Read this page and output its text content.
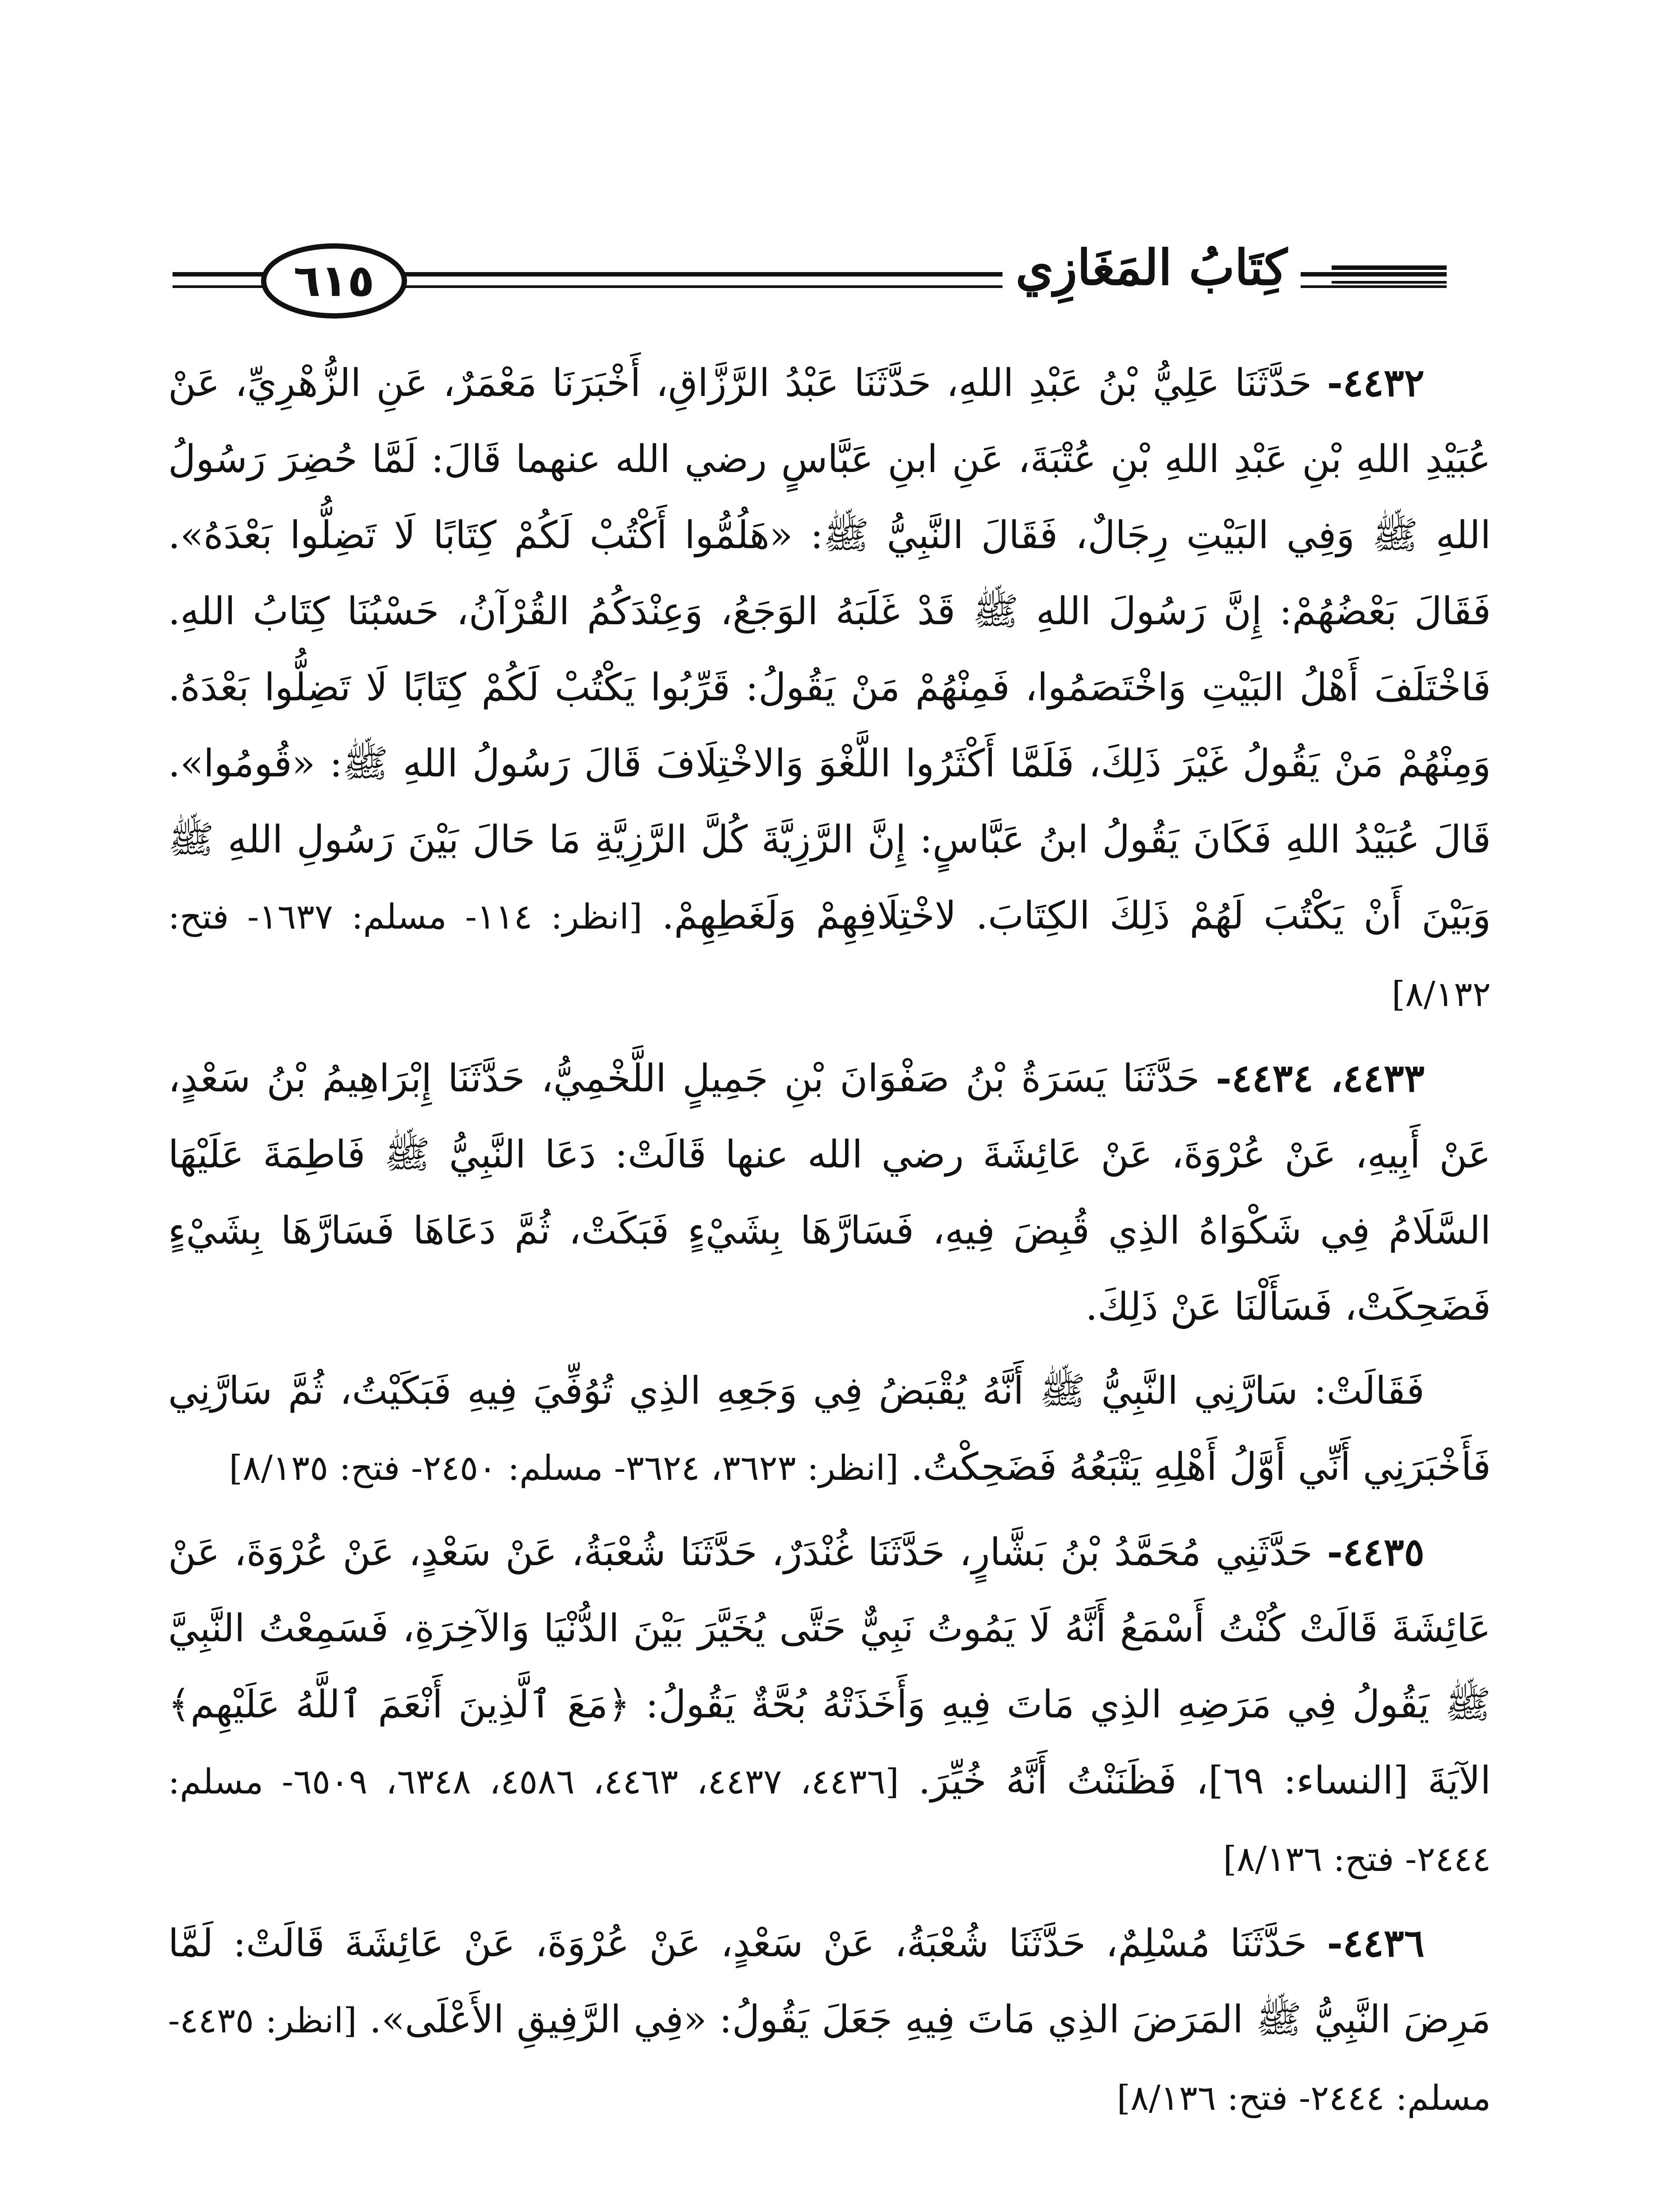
كِتَابُ المَغَازِي
٦١٥

٤٤٣٢- حَدَّثَنَا عَلِيُّ بْنُ عَبْدِ اللهِ، حَدَّثَنَا عَبْدُ الرَّزَّاقِ، أَخْبَرَنَا مَعْمَرٌ، عَنِ الزُّهْرِيِّ، عَنْ عُبَيْدِ اللهِ بْنِ عَبْدِ اللهِ بْنِ عُتْبَةَ، عَنِ ابنِ عَبَّاسٍ رضي الله عنهما قَالَ: لَمَّا حُضِرَ رَسُولُ اللهِ ﷺ وَفِي البَيْتِ رِجَالٌ، فَقَالَ النَّبِيُّ ﷺ: «هَلُمُّوا أَكْتُبْ لَكُمْ كِتَابًا لَا تَضِلُّوا بَعْدَهُ». فَقَالَ بَعْضُهُمْ: إِنَّ رَسُولَ اللهِ ﷺ قَدْ غَلَبَهُ الوَجَعُ، وَعِنْدَكُمُ القُرْآنُ، حَسْبُنَا كِتَابُ اللهِ. فَاخْتَلَفَ أَهْلُ البَيْتِ وَاخْتَصَمُوا، فَمِنْهُمْ مَنْ يَقُولُ: قَرِّبُوا يَكْتُبْ لَكُمْ كِتَابًا لَا تَضِلُّوا بَعْدَهُ. وَمِنْهُمْ مَنْ يَقُولُ غَيْرَ ذَلِكَ، فَلَمَّا أَكْثَرُوا اللَّغْوَ وَالاخْتِلَافَ قَالَ رَسُولُ اللهِ ﷺ: «قُومُوا». قَالَ عُبَيْدُ اللهِ فَكَانَ يَقُولُ ابنُ عَبَّاسٍ: إِنَّ الرَّزِيَّةَ كُلَّ الرَّزِيَّةِ مَا حَالَ بَيْنَ رَسُولِ اللهِ ﷺ وَبَيْنَ أَنْ يَكْتُبَ لَهُمْ ذَلِكَ الكِتَابَ. لاخْتِلَافِهِمْ وَلَغَطِهِمْ. [انظر: ١١٤- مسلم: ١٦٣٧- فتح: ٨/١٣٢]

٤٤٣٣، ٤٤٣٤- حَدَّثَنَا يَسَرَةُ بْنُ صَفْوَانَ بْنِ جَمِيلٍ اللَّخْمِيُّ، حَدَّثَنَا إِبْرَاهِيمُ بْنُ سَعْدٍ، عَنْ أَبِيهِ، عَنْ عُرْوَةَ، عَنْ عَائِشَةَ رضي الله عنها قَالَتْ: دَعَا النَّبِيُّ ﷺ فَاطِمَةَ عَلَيْهَا السَّلَامُ فِي شَكْوَاهُ الذِي قُبِضَ فِيهِ، فَسَارَّهَا بِشَيْءٍ فَبَكَتْ، ثُمَّ دَعَاهَا فَسَارَّهَا بِشَيْءٍ فَضَحِكَتْ، فَسَأَلْنَا عَنْ ذَلِكَ.

فَقَالَتْ: سَارَّنِي النَّبِيُّ ﷺ أَنَّهُ يُقْبَضُ فِي وَجَعِهِ الذِي تُوُفِّيَ فِيهِ فَبَكَيْتُ، ثُمَّ سَارَّنِي فَأَخْبَرَنِي أَنِّي أَوَّلُ أَهْلِهِ يَتْبَعُهُ فَضَحِكْتُ. [انظر: ٣٦٢٣، ٣٦٢٤- مسلم: ٢٤٥٠- فتح: ٨/١٣٥]

٤٤٣٥- حَدَّثَنِي مُحَمَّدُ بْنُ بَشَّارٍ، حَدَّثَنَا غُنْدَرٌ، حَدَّثَنَا شُعْبَةُ، عَنْ سَعْدٍ، عَنْ عُرْوَةَ، عَنْ عَائِشَةَ قَالَتْ كُنْتُ أَسْمَعُ أَنَّهُ لَا يَمُوتُ نَبِيٌّ حَتَّى يُخَيَّرَ بَيْنَ الدُّنْيَا وَالآخِرَةِ، فَسَمِعْتُ النَّبِيَّ ﷺ يَقُولُ فِي مَرَضِهِ الذِي مَاتَ فِيهِ وَأَخَذَتْهُ بُحَّةٌ يَقُولُ: ﴿مَعَ ٱلَّذِينَ أَنْعَمَ ٱللَّهُ عَلَيْهِم﴾ الآيَةَ [النساء: ٦٩]، فَظَنَنْتُ أَنَّهُ خُيِّرَ. [٤٤٣٦، ٤٤٣٧، ٤٤٦٣، ٤٥٨٦، ٦٣٤٨، ٦٥٠٩- مسلم: ٢٤٤٤- فتح: ٨/١٣٦]

٤٤٣٦- حَدَّثَنَا مُسْلِمٌ، حَدَّثَنَا شُعْبَةُ، عَنْ سَعْدٍ، عَنْ عُرْوَةَ، عَنْ عَائِشَةَ قَالَتْ: لَمَّا مَرِضَ النَّبِيُّ ﷺ المَرَضَ الذِي مَاتَ فِيهِ جَعَلَ يَقُولُ: «فِي الرَّفِيقِ الأَعْلَى». [انظر: ٤٤٣٥- مسلم: ٢٤٤٤- فتح: ٨/١٣٦]
